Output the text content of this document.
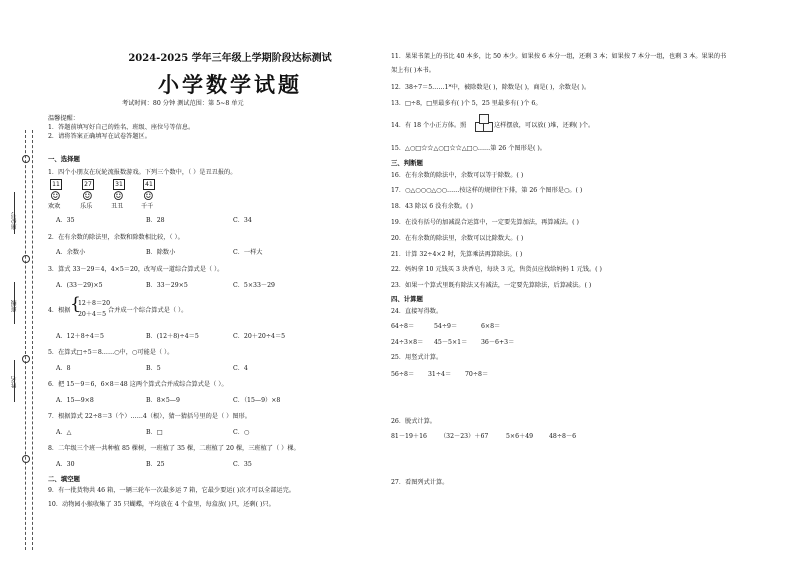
座位号
班级
姓名
2024-2025 学年三年级上学期阶段达标测试
小学数学试题
考试时间：80 分钟 测试范围：第 5~8 单元
温馨提醒：
1．答题前填写好自己的姓名、班级、座位号等信息。
2．请将答案正确填写在试卷答题区。
一、选择题
1．四个小朋友在玩轮流报数游戏。下列三个数中，（ ）是丑丑报的。
11	27	31	41
☺ ☺ ☺ ☺
欢欢	乐乐	丑丑	千千
A．35	B．28	C．34
2．在有余数的除法里，余数和除数相比较，（ ）。
A．余数小	B．除数小	C．一样大
3．算式 33－29＝4，4×5＝20，改写成一道综合算式是（ ）。
A．(33－29)×5	B．33－29×5	C．5×33－29
4．根据 {
12＋8＝20
20＋4＝5
合并成一个综合算式是（ ）。
A．12＋8÷4＝5	B．(12＋8)÷4＝5	C．20＋20÷4＝5
5．在算式□÷5＝8……○中，○可能是（ ）。
A．8	B．5	C．4
6．把 15－9＝6，6×8＝48 这两个算式合并成综合算式是（ ）。
A．15—9×8	B．8×5—9	C．（15—9）×8
7．根据算式 22÷8＝3（个）……4（根），猜一猜括号里的是（ ）图形。
A．△	B．□	C．○
8．二年级三个班一共种植 85 棵树，一班植了 35 棵，二班植了 20 棵，三班植了（ ）棵。
A．30	B．25	C．35
二、填空题
9．有一批货物共 46 箱，一辆三轮车一次最多运 7 箱，它最少要运( )次才可以全部运完。
10．动物园小猴收集了 35 只蝴蝶，平均放在 4 个盒里，每盒放( )只，还剩( )只。
11．果果书架上的书比 40 本多，比 50 本少。如果按 6 本分一组，还剩 3 本；如果按 7 本分一组，也剩 3 本。果果的书
架上有( )本书。
12．38÷7＝5……1*中，被除数是( )，除数是( )，商是( )，余数是( )。
13．□÷8，□里最多有( )个 5，25 里最多有( )个 6。
14．有 18 个小正方体。照	这样摆放，可以放( )堆，还剩( )个。
15．△○□☆☆△○□☆☆△□○……第 26 个图形是( )。
三、判断题
16．在有余数的除法中，余数可以等于除数。( )
17．○△○○○△○○……按这样的规律往下排，第 26 个图形是○。( )
18．43 除以 6 没有余数。( )
19．在没有括号的加减混合运算中，一定要先算加法，再算减法。( )
20．在有余数的除法里，余数可以比除数大。( )
21．计算 32÷4×2 时，先算乘法再算除法。( )
22．妈妈拿 10 元钱买 3 块香皂，每块 3 元，售货员应找给妈妈 1 元钱。( )
23．如果一个算式里既有除法又有减法，一定要先算除法，后算减法。( )
四、计算题
24．直接写得数。
64÷8＝	54÷9＝	6×8＝
24÷3×8＝ 45－5×1＝ 36－6+3＝
25．用竖式计算。
56÷8＝ 31÷4＝ 70÷8＝
26．脱式计算。
81－19＋16 （32－23）＋67	5×6＋49	48÷8－6
27．看图列式计算。
